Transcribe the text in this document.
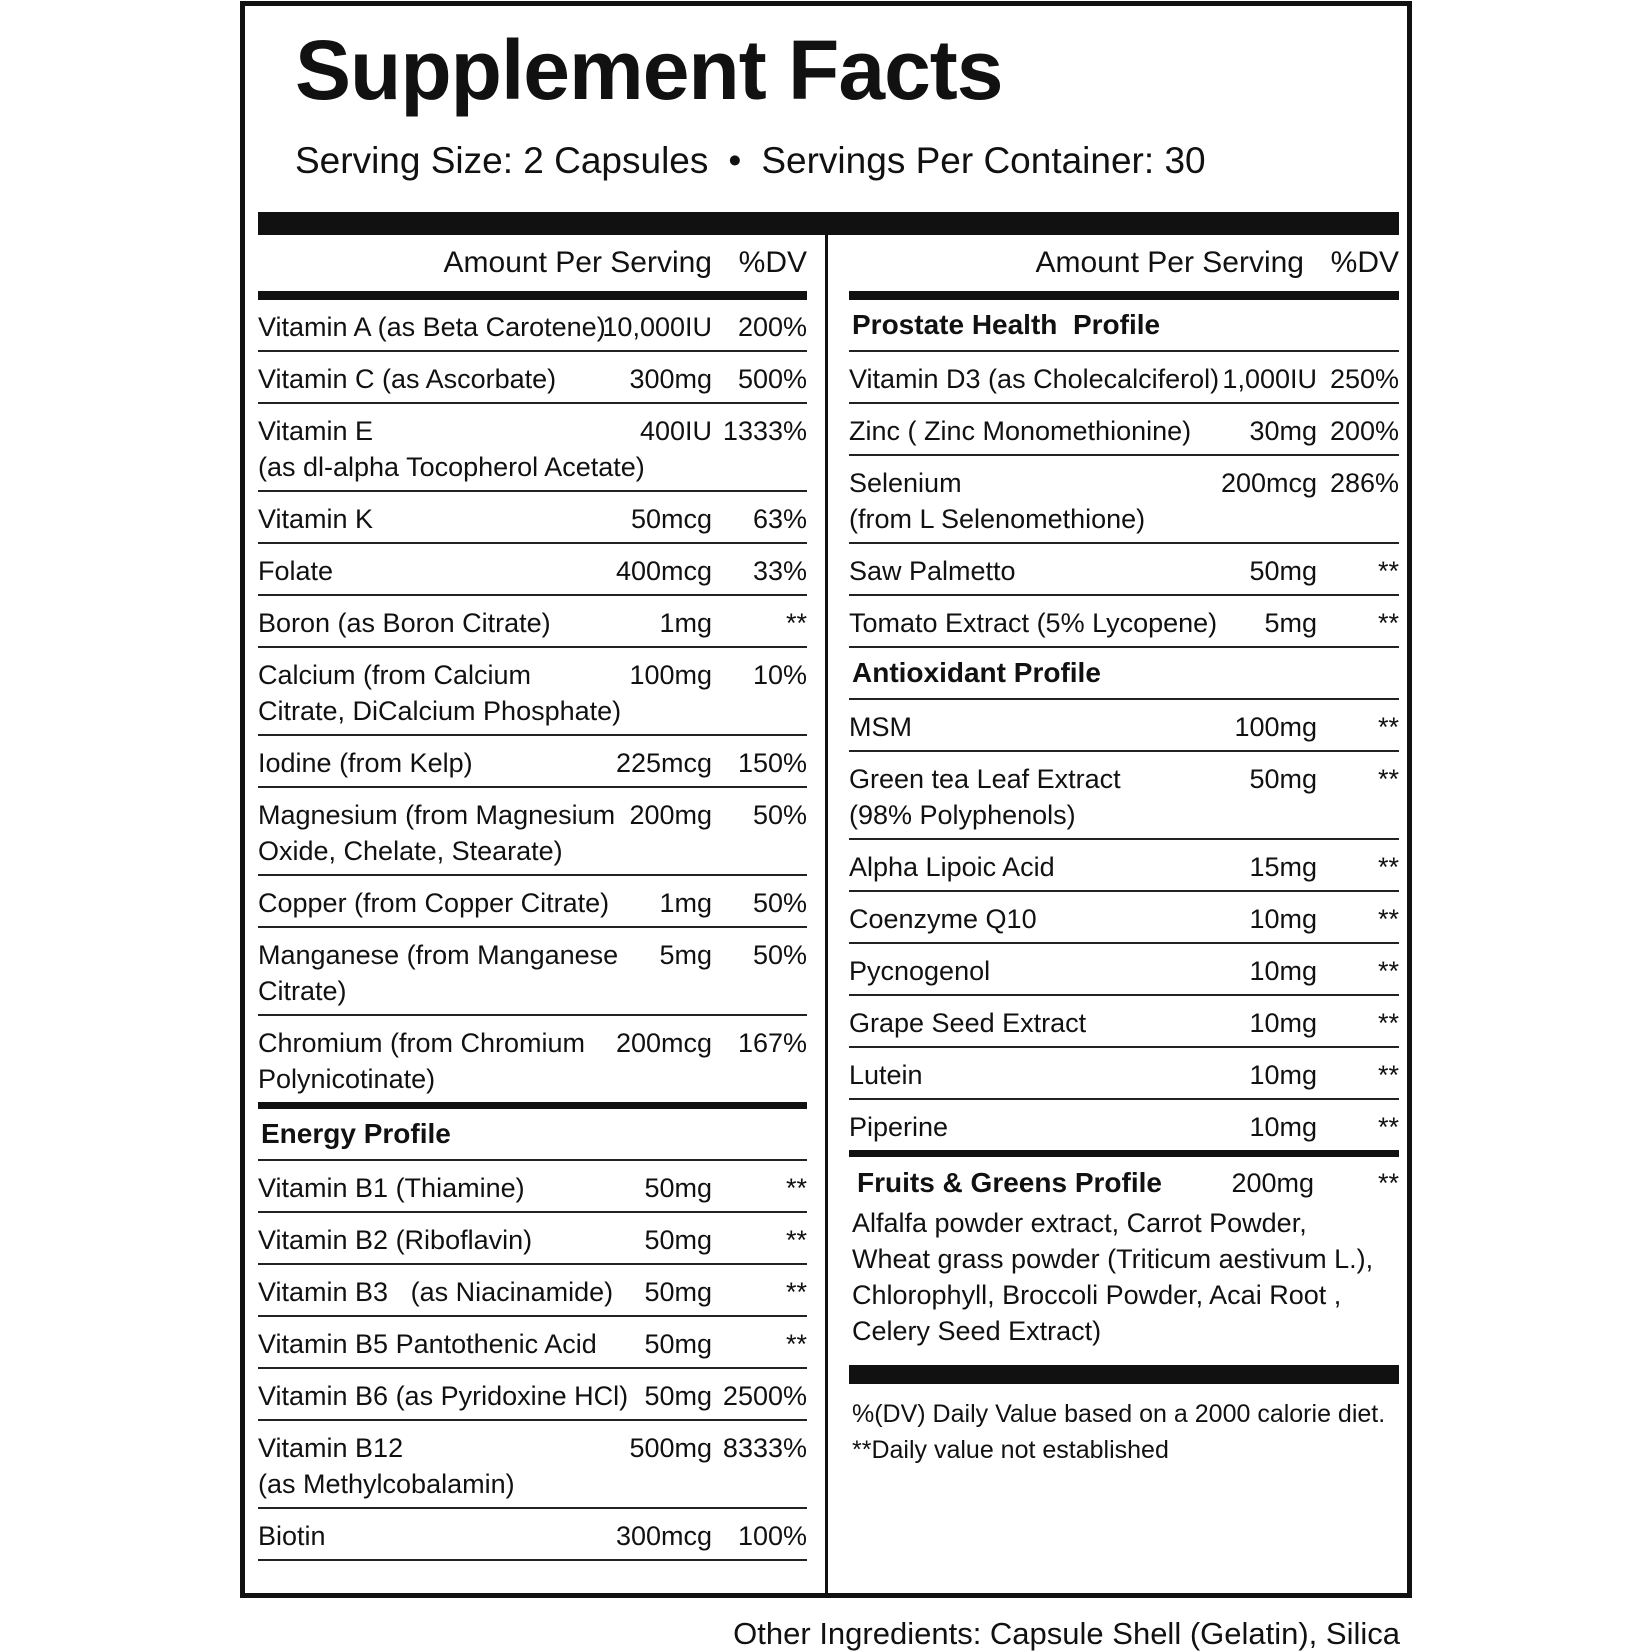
Supplement Facts
Serving Size: 2 Capsules • Servings Per Container: 30
Amount Per Serving %DV
Vitamin A (as Beta Carotene)
10,000IU 200%
Vitamin C (as Ascorbate)	300mg 500%
Vitamin E
(as dl-alpha Tocopherol Acetate)
400IU 1333%
Vitamin K	50mcg 63%
Folate	400mcg 33%
Boron (as Boron Citrate)	1mg	**
Calcium (from Calcium
Citrate, DiCalcium Phosphate)
100mg 10%
Iodine (from Kelp)	225mcg 150%
Magnesium (from Magnesium
Oxide, Chelate, Stearate)
200mg 50%
Copper (from Copper Citrate) 1mg 50%
Manganese (from Manganese
Citrate)
5mg 50%
Chromium (from Chromium
Polynicotinate)
200mcg 167%
Energy Profile
Vitamin B1 (Thiamine)	50mg	**
Vitamin B2 (Riboflavin)	50mg	**
Vitamin B3   (as Niacinamide) 50mg	**
Vitamin B5 Pantothenic Acid 50mg	**
Vitamin B6 (as Pyridoxine HCl) 50mg 2500%
Vitamin B12
(as Methylcobalamin)
500mg 8333%
Biotin	300mcg 100%
Amount Per Serving %DV
Prostate Health  Profile
Vitamin D3 (as Cholecalciferol) 1,000IU 250%
Zinc ( Zinc Monomethionine) 30mg 200%
Selenium
(from L Selenomethione)
200mcg 286%
Saw Palmetto	50mg **
Tomato Extract (5% Lycopene) 5mg **
Antioxidant Profile
MSM	100mg **
Green tea Leaf Extract
(98% Polyphenols)
50mg **
Alpha Lipoic Acid	15mg **
Coenzyme Q10	10mg **
Pycnogenol	10mg **
Grape Seed Extract	10mg **
Lutein	10mg **
Piperine	10mg **
Fruits & Greens Profile	200mg **
Alfalfa powder extract, Carrot Powder,
Wheat grass powder (Triticum aestivum L.),
Chlorophyll, Broccoli Powder, Acai Root ,
Celery Seed Extract)
%(DV) Daily Value based on a 2000 calorie diet.
**Daily value not established
Other Ingredients: Capsule Shell (Gelatin), Silica
